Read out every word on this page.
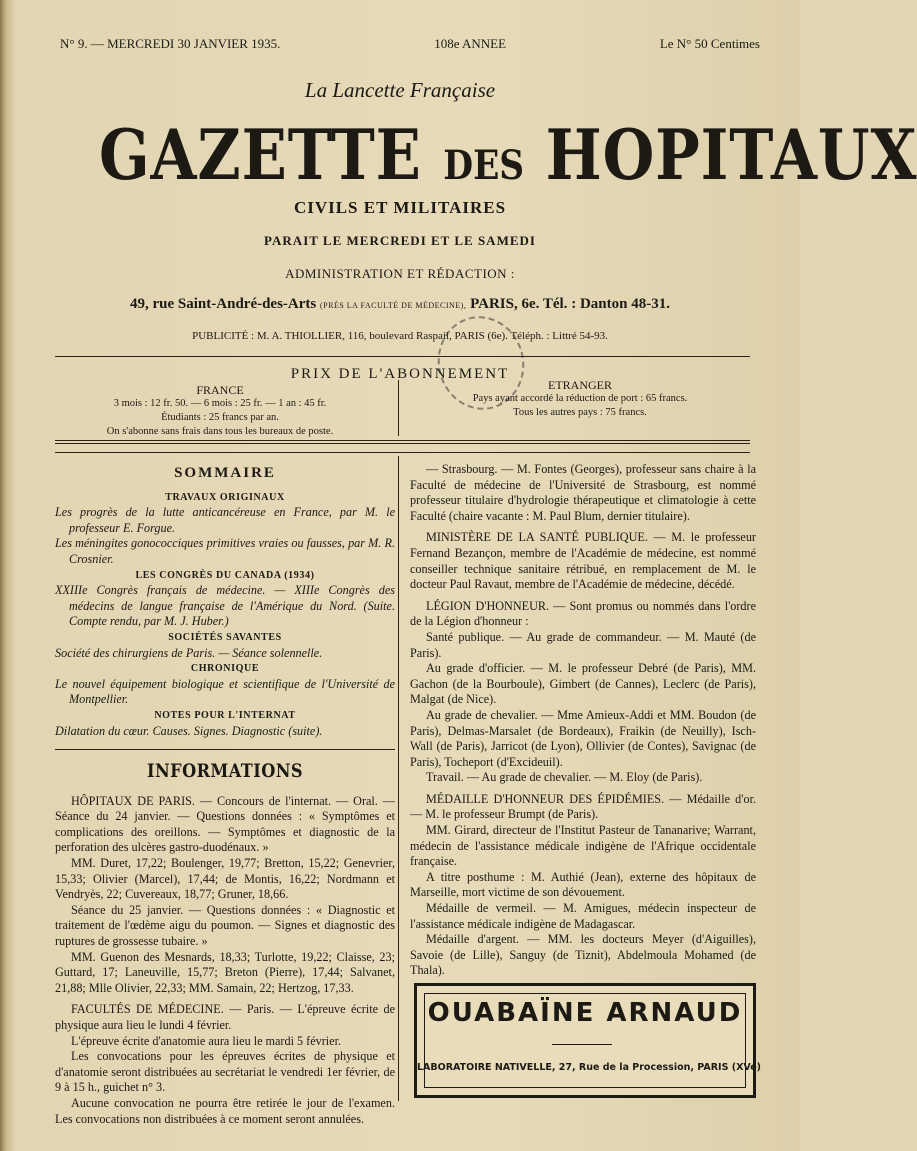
N° 9. — MERCREDI 30 JANVIER 1935.	108e ANNEE	Le N° 50 Centimes
La Lancette Française
GAZETTE DES HOPITAUX
CIVILS ET MILITAIRES
PARAIT LE MERCREDI ET LE SAMEDI
ADMINISTRATION ET RÉDACTION :
49, rue Saint-André-des-Arts (PRÈS LA FACULTÉ DE MÉDECINE), PARIS, 6e. Tél. : Danton 48-31.
PUBLICITÉ : M. A. THIOLLIER, 116, boulevard Raspail, PARIS (6e). Téléph. : Littré 54-93.
PRIX DE L'ABONNEMENT
FRANCE
3 mois : 12 fr. 50. — 6 mois : 25 fr. — 1 an : 45 fr.
Étudiants : 25 francs par an.
On s'abonne sans frais dans tous les bureaux de poste.
ETRANGER
Pays ayant accordé la réduction de port : 65 francs.
Tous les autres pays : 75 francs.

SOMMAIRE

TRAVAUX ORIGINAUX

Les progrès de la lutte anticancéreuse en France, par M. le professeur E. Forgue.

Les méningites gonococciques primitives vraies ou fausses, par M. R. Crosnier.

LES CONGRÈS DU CANADA (1934)

XXIIIe Congrès français de médecine. — XIIIe Congrès des médecins de langue française de l'Amérique du Nord. (Suite. Compte rendu, par M. J. Huber.)

SOCIÉTÉS SAVANTES

Société des chirurgiens de Paris. — Séance solennelle.

CHRONIQUE

Le nouvel équipement biologique et scientifique de l'Université de Montpellier.

NOTES POUR L'INTERNAT

Dilatation du cœur. Causes. Signes. Diagnostic (suite).

INFORMATIONS

HÔPITAUX DE PARIS. — Concours de l'internat. — Oral. — Séance du 24 janvier. — Questions données : « Symptômes et complications des oreillons. — Symptômes et diagnostic de la perforation des ulcères gastro-duodénaux. »

MM. Duret, 17,22; Boulenger, 19,77; Bretton, 15,22; Genevrier, 15,33; Olivier (Marcel), 17,44; de Montis, 16,22; Nordmann et Vendryès, 22; Cuvereaux, 18,77; Gruner, 18,66.

Séance du 25 janvier. — Questions données : « Diagnostic et traitement de l'œdème aigu du poumon. — Signes et diagnostic des ruptures de grossesse tubaire. »

MM. Guenon des Mesnards, 18,33; Turlotte, 19,22; Claisse, 23; Guttard, 17; Laneuville, 15,77; Breton (Pierre), 17,44; Salvanet, 21,88; Mlle Olivier, 22,33; MM. Samain, 22; Hertzog, 17,33.

FACULTÉS DE MÉDECINE. — Paris. — L'épreuve écrite de physique aura lieu le lundi 4 février.

L'épreuve écrite d'anatomie aura lieu le mardi 5 février.

Les convocations pour les épreuves écrites de physique et d'anatomie seront distribuées au secrétariat le vendredi 1er février, de 9 à 15 h., guichet n° 3.

Aucune convocation ne pourra être retirée le jour de l'examen. Les convocations non distribuées à ce moment seront annulées.

— Strasbourg. — M. Fontes (Georges), professeur sans chaire à la Faculté de médecine de l'Université de Strasbourg, est nommé professeur titulaire d'hydrologie thérapeutique et climatologie à cette Faculté (chaire vacante : M. Paul Blum, dernier titulaire).

MINISTÈRE DE LA SANTÉ PUBLIQUE. — M. le professeur Fernand Bezançon, membre de l'Académie de médecine, est nommé conseiller technique sanitaire rétribué, en remplacement de M. le docteur Paul Ravaut, membre de l'Académie de médecine, décédé.

LÉGION D'HONNEUR. — Sont promus ou nommés dans l'ordre de la Légion d'honneur :

Santé publique. — Au grade de commandeur. — M. Mauté (de Paris).

Au grade d'officier. — M. le professeur Debré (de Paris), MM. Gachon (de la Bourboule), Gimbert (de Cannes), Leclerc (de Paris), Malgat (de Nice).

Au grade de chevalier. — Mme Amieux-Addi et MM. Boudon (de Paris), Delmas-Marsalet (de Bordeaux), Fraikin (de Neuilly), Isch-Wall (de Paris), Jarricot (de Lyon), Ollivier (de Contes), Savignac (de Paris), Tocheport (d'Excideuil).

Travail. — Au grade de chevalier. — M. Eloy (de Paris).

MÉDAILLE D'HONNEUR DES ÉPIDÉMIES. — Médaille d'or. — M. le professeur Brumpt (de Paris).

MM. Girard, directeur de l'Institut Pasteur de Tananarive; Warrant, médecin de l'assistance médicale indigène de l'Afrique occidentale française.

A titre posthume : M. Authié (Jean), externe des hôpitaux de Marseille, mort victime de son dévouement.

Médaille de vermeil. — M. Amigues, médecin inspecteur de l'assistance médicale indigène de Madagascar.

Médaille d'argent. — MM. les docteurs Meyer (d'Aiguilles), Savoie (de Lille), Sanguy (de Tiznit), Abdelmoula Mohamed (de Thala).

OUABAÏNE ARNAUD
LABORATOIRE NATIVELLE, 27, Rue de la Procession, PARIS (XVe)
